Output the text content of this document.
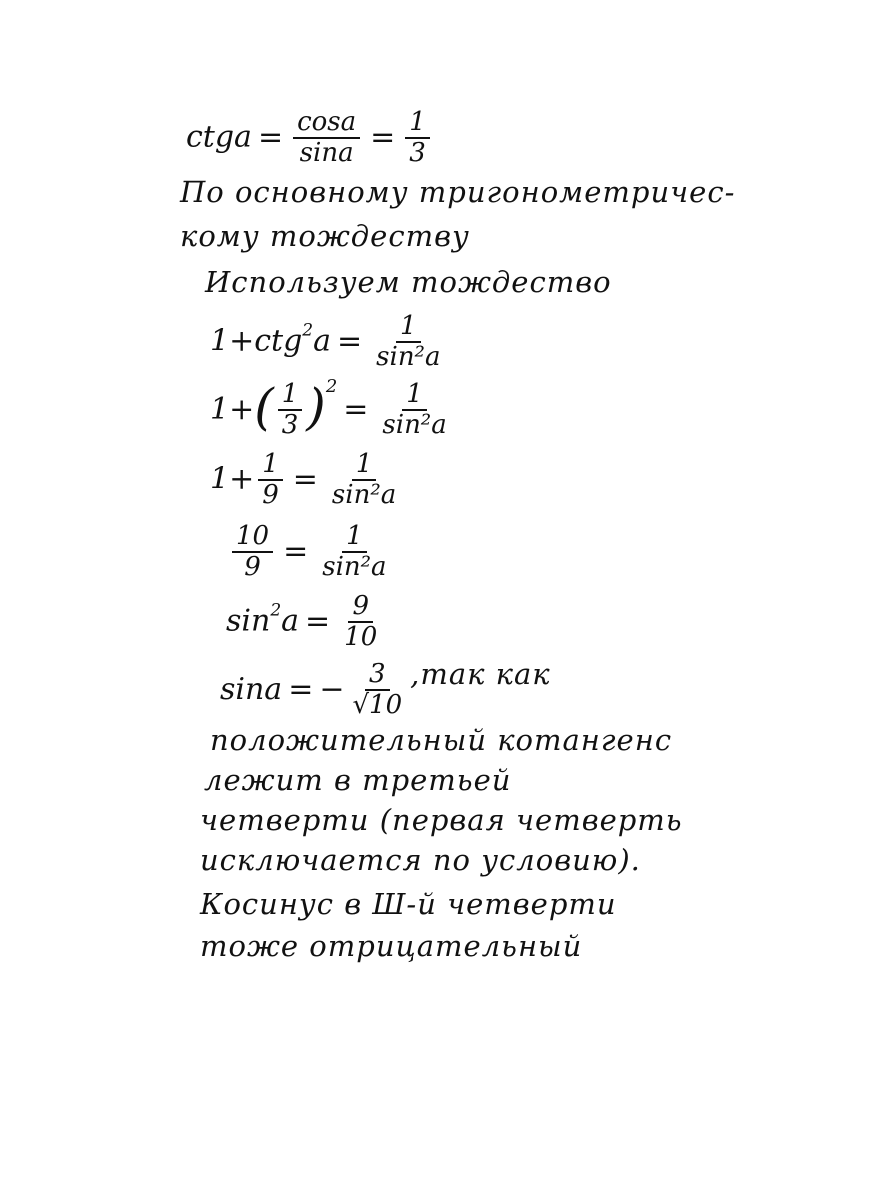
ctga = $\frac{\cos a}{\sin a} = \frac{1}{3}$
По основному тригонометричес-
кому тождеству
Используем тождество
$1+ctg^2a = \frac{1}{\text{sin²a}}$
$1+( \frac{1}{3} )^2= \frac{1}{\text{sin²a}}$
$1+ \frac{1}{9} = \frac{1}{\text{sin²a}}$
$\frac{10}{9} = \frac{1}{\text{sin²a}}$
$\sin^2a = \frac{9}{10}$
sina = − $\frac{3}{√10} ,так$ как
положительный котангенс
лежит в третьей
четверти (первая четверть
исключается по условию).
Косинус в Ш-й четверти
тоже отрицательный
